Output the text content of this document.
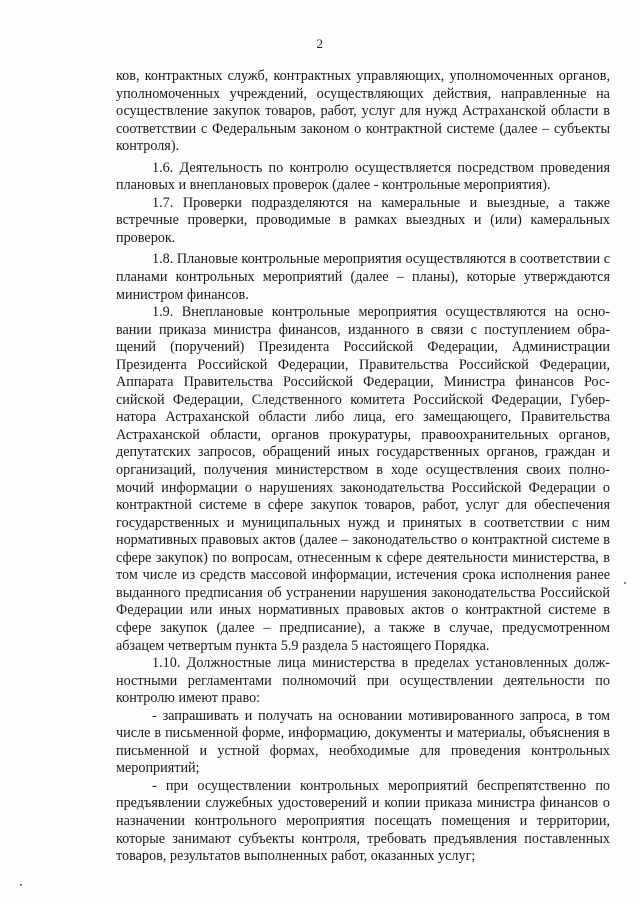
2

ков, контрактных служб, контрактных управляющих, уполномоченных органов, уполномоченных учреждений, осуществляющих действия, направленные на осуществление закупок товаров, работ, услуг для нужд Астраханской области в соответствии с Федеральным законом о контрактной системе (далее – субъекты контроля).

1.6. Деятельность по контролю осуществляется посредством проведения плановых и внеплановых проверок (далее - контрольные мероприятия).

1.7. Проверки подразделяются на камеральные и выездные, а также встречные проверки, проводимые в рамках выездных и (или) камеральных проверок.

1.8. Плановые контрольные мероприятия осуществляются в соответствии с планами контрольных мероприятий (далее – планы), которые утверждаются министром финансов.

1.9. Внеплановые контрольные мероприятия осуществляются на основании приказа министра финансов, изданного в связи с поступлением обращений (поручений) Президента Российской Федерации, Администрации Президента Российской Федерации, Правительства Российской Федерации, Аппарата Правительства Российской Федерации, Министра финансов Российской Федерации, Следственного комитета Российской Федерации, Губернатора Астраханской области либо лица, его замещающего, Правительства Астраханской области, органов прокуратуры, правоохранительных органов, депутатских запросов, обращений иных государственных органов, граждан и организаций, получения министерством в ходе осуществления своих полномочий информации о нарушениях законодательства Российской Федерации о контрактной системе в сфере закупок товаров, работ, услуг для обеспечения государственных и муниципальных нужд и принятых в соответствии с ним нормативных правовых актов (далее – законодательство о контрактной системе в сфере закупок) по вопросам, отнесенным к сфере деятельности министерства, в том числе из средств массовой информации, истечения срока исполнения ранее выданного предписания об устранении нарушения законодательства Российской Федерации или иных нормативных правовых актов о контрактной системе в сфере закупок (далее – предписание), а также в случае, предусмотренном абзацем четвертым пункта 5.9 раздела 5 настоящего Порядка.

1.10. Должностные лица министерства в пределах установленных должностными регламентами полномочий при осуществлении деятельности по контролю имеют право:

- запрашивать и получать на основании мотивированного запроса, в том числе в письменной форме, информацию, документы и материалы, объяснения в письменной и устной формах, необходимые для проведения контрольных мероприятий;

- при осуществлении контрольных мероприятий беспрепятственно по предъявлении служебных удостоверений и копии приказа министра финансов о назначении контрольного мероприятия посещать помещения и территории, которые занимают субъекты контроля, требовать предъявления поставленных товаров, результатов выполненных работ, оказанных услуг;
